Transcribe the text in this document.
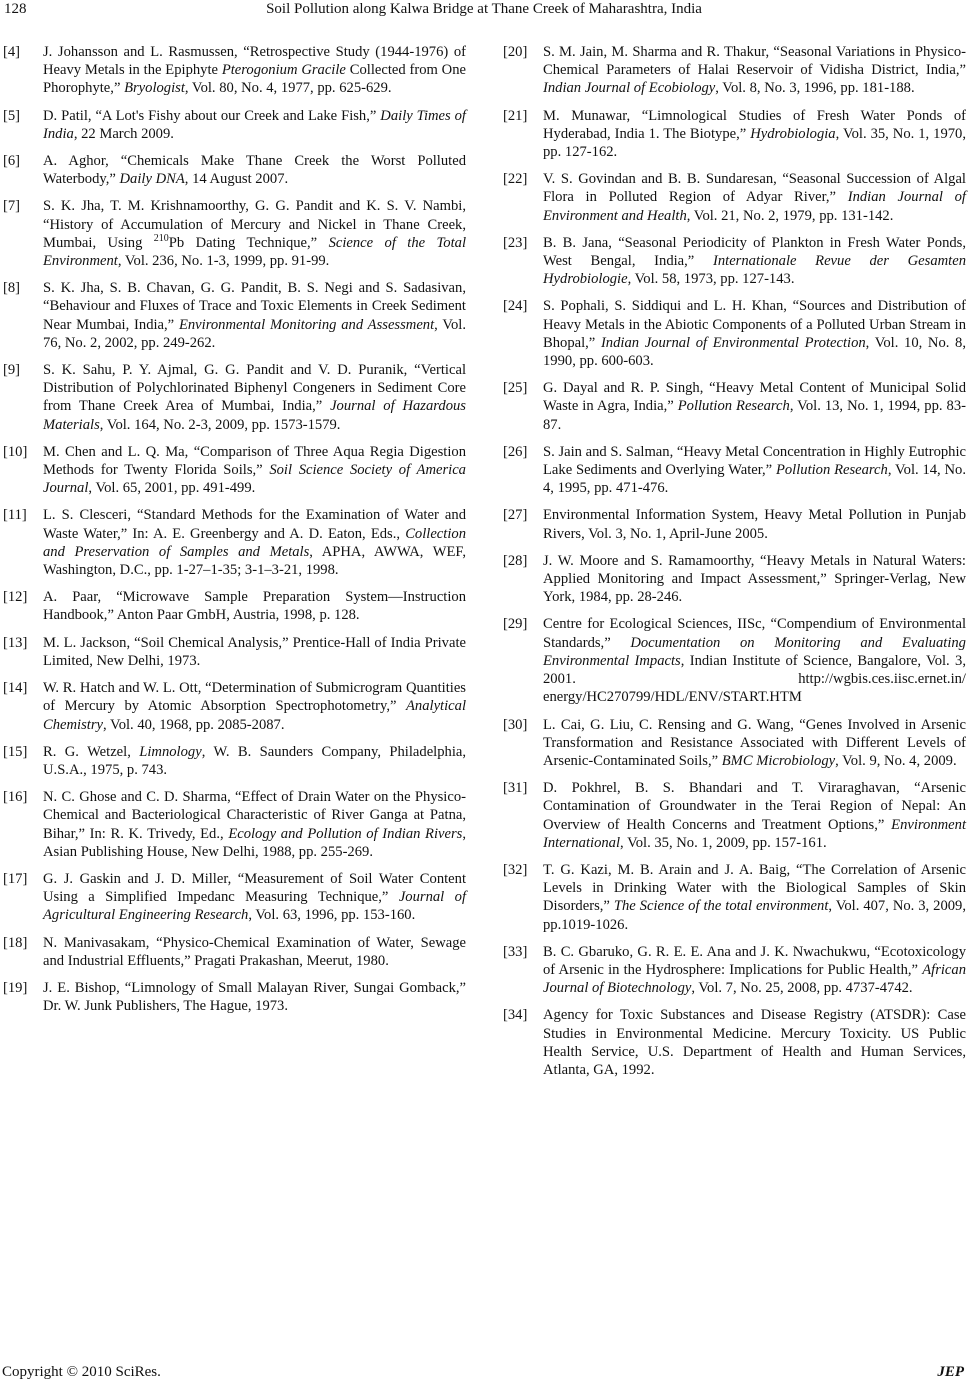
128	Soil Pollution along Kalwa Bridge at Thane Creek of Maharashtra, India
[4]	J. Johansson and L. Rasmussen, “Retrospective Study (1944-1976) of Heavy Metals in the Epiphyte Pterogonium Gracile Collected from One Phorophyte,” Bryologist, Vol. 80, No. 4, 1977, pp. 625-629.
[5]	D. Patil, “A Lot's Fishy about our Creek and Lake Fish,” Daily Times of India, 22 March 2009.
[6]	A. Aghor, “Chemicals Make Thane Creek the Worst Polluted Waterbody,” Daily DNA, 14 August 2007.
[7]	S. K. Jha, T. M. Krishnamoorthy, G. G. Pandit and K. S. V. Nambi, “History of Accumulation of Mercury and Nickel in Thane Creek, Mumbai, Using $^{210}$Pb Dating Technique,” Science of the Total Environment, Vol. 236, No. 1-3, 1999, pp. 91-99.
[8]	S. K. Jha, S. B. Chavan, G. G. Pandit, B. S. Negi and S. Sadasivan, “Behaviour and Fluxes of Trace and Toxic Elements in Creek Sediment Near Mumbai, India,” Environmental Monitoring and Assessment, Vol. 76, No. 2, 2002, pp. 249-262.
[9]	S. K. Sahu, P. Y. Ajmal, G. G. Pandit and V. D. Puranik, “Vertical Distribution of Polychlorinated Biphenyl Congeners in Sediment Core from Thane Creek Area of Mumbai, India,” Journal of Hazardous Materials, Vol. 164, No. 2-3, 2009, pp. 1573-1579.
[10]	M. Chen and L. Q. Ma, “Comparison of Three Aqua Regia Digestion Methods for Twenty Florida Soils,” Soil Science Society of America Journal, Vol. 65, 2001, pp. 491-499.
[11]	L. S. Clesceri, “Standard Methods for the Examination of Water and Waste Water,” In: A. E. Greenbergy and A. D. Eaton, Eds., Collection and Preservation of Samples and Metals, APHA, AWWA, WEF, Washington, D.C., pp. 1-27–1-35; 3-1–3-21, 1998.
[12]	A. Paar, “Microwave Sample Preparation System—Instruction Handbook,” Anton Paar GmbH, Austria, 1998, p. 128.
[13]	M. L. Jackson, “Soil Chemical Analysis,” Prentice-Hall of India Private Limited, New Delhi, 1973.
[14]	W. R. Hatch and W. L. Ott, “Determination of Submicrogram Quantities of Mercury by Atomic Absorption Spectrophotometry,” Analytical Chemistry, Vol. 40, 1968, pp. 2085-2087.
[15]	R. G. Wetzel, Limnology, W. B. Saunders Company, Philadelphia, U.S.A., 1975, p. 743.
[16]	N. C. Ghose and C. D. Sharma, “Effect of Drain Water on the Physico-Chemical and Bacteriological Characteristic of River Ganga at Patna, Bihar,” In: R. K. Trivedy, Ed., Ecology and Pollution of Indian Rivers, Asian Publishing House, New Delhi, 1988, pp. 255-269.
[17]	G. J. Gaskin and J. D. Miller, “Measurement of Soil Water Content Using a Simplified Impedanc Measuring Technique,” Journal of Agricultural Engineering Research, Vol. 63, 1996, pp. 153-160.
[18]	N. Manivasakam, “Physico-Chemical Examination of Water, Sewage and Industrial Effluents,” Pragati Prakashan, Meerut, 1980.
[19]	J. E. Bishop, “Limnology of Small Malayan River, Sungai Gomback,” Dr. W. Junk Publishers, The Hague, 1973.
[20]	S. M. Jain, M. Sharma and R. Thakur, “Seasonal Variations in Physico-Chemical Parameters of Halai Reservoir of Vidisha District, India,” Indian Journal of Ecobiology, Vol. 8, No. 3, 1996, pp. 181-188.
[21]	M. Munawar, “Limnological Studies of Fresh Water Ponds of Hyderabad, India 1. The Biotype,” Hydrobiologia, Vol. 35, No. 1, 1970, pp. 127-162.
[22]	V. S. Govindan and B. B. Sundaresan, “Seasonal Succession of Algal Flora in Polluted Region of Adyar River,” Indian Journal of Environment and Health, Vol. 21, No. 2, 1979, pp. 131-142.
[23]	B. B. Jana, “Seasonal Periodicity of Plankton in Fresh Water Ponds, West Bengal, India,” Internationale Revue der Gesamten Hydrobiologie, Vol. 58, 1973, pp. 127-143.
[24]	S. Pophali, S. Siddiqui and L. H. Khan, “Sources and Distribution of Heavy Metals in the Abiotic Components of a Polluted Urban Stream in Bhopal,” Indian Journal of Environmental Protection, Vol. 10, No. 8, 1990, pp. 600-603.
[25]	G. Dayal and R. P. Singh, “Heavy Metal Content of Municipal Solid Waste in Agra, India,” Pollution Research, Vol. 13, No. 1, 1994, pp. 83-87.
[26]	S. Jain and S. Salman, “Heavy Metal Concentration in Highly Eutrophic Lake Sediments and Overlying Water,” Pollution Research, Vol. 14, No. 4, 1995, pp. 471-476.
[27]	Environmental Information System, Heavy Metal Pollution in Punjab Rivers, Vol. 3, No. 1, April-June 2005.
[28]	J. W. Moore and S. Ramamoorthy, “Heavy Metals in Natural Waters: Applied Monitoring and Impact Assessment,” Springer-Verlag, New York, 1984, pp. 28-246.
[29]	Centre for Ecological Sciences, IISc, “Compendium of Environmental Standards,” Documentation on Monitoring and Evaluating Environmental Impacts, Indian Institute of Science, Bangalore, Vol. 3, 2001. http://wgbis.ces.iisc.ernet.in/ energy/HC270799/HDL/ENV/START.HTM
[30]	L. Cai, G. Liu, C. Rensing and G. Wang, “Genes Involved in Arsenic Transformation and Resistance Associated with Different Levels of Arsenic-Contaminated Soils,” BMC Microbiology, Vol. 9, No. 4, 2009.
[31]	D. Pokhrel, B. S. Bhandari and T. Viraraghavan, “Arsenic Contamination of Groundwater in the Terai Region of Nepal: An Overview of Health Concerns and Treatment Options,” Environment International, Vol. 35, No. 1, 2009, pp. 157-161.
[32]	T. G. Kazi, M. B. Arain and J. A. Baig, “The Correlation of Arsenic Levels in Drinking Water with the Biological Samples of Skin Disorders,” The Science of the total environment, Vol. 407, No. 3, 2009, pp.1019-1026.
[33]	B. C. Gbaruko, G. R. E. E. Ana and J. K. Nwachukwu, “Ecotoxicology of Arsenic in the Hydrosphere: Implications for Public Health,” African Journal of Biotechnology, Vol. 7, No. 25, 2008, pp. 4737-4742.
[34]	Agency for Toxic Substances and Disease Registry (ATSDR): Case Studies in Environmental Medicine. Mercury Toxicity. US Public Health Service, U.S. Department of Health and Human Services, Atlanta, GA, 1992.
Copyright © 2010 SciRes.	JEP
